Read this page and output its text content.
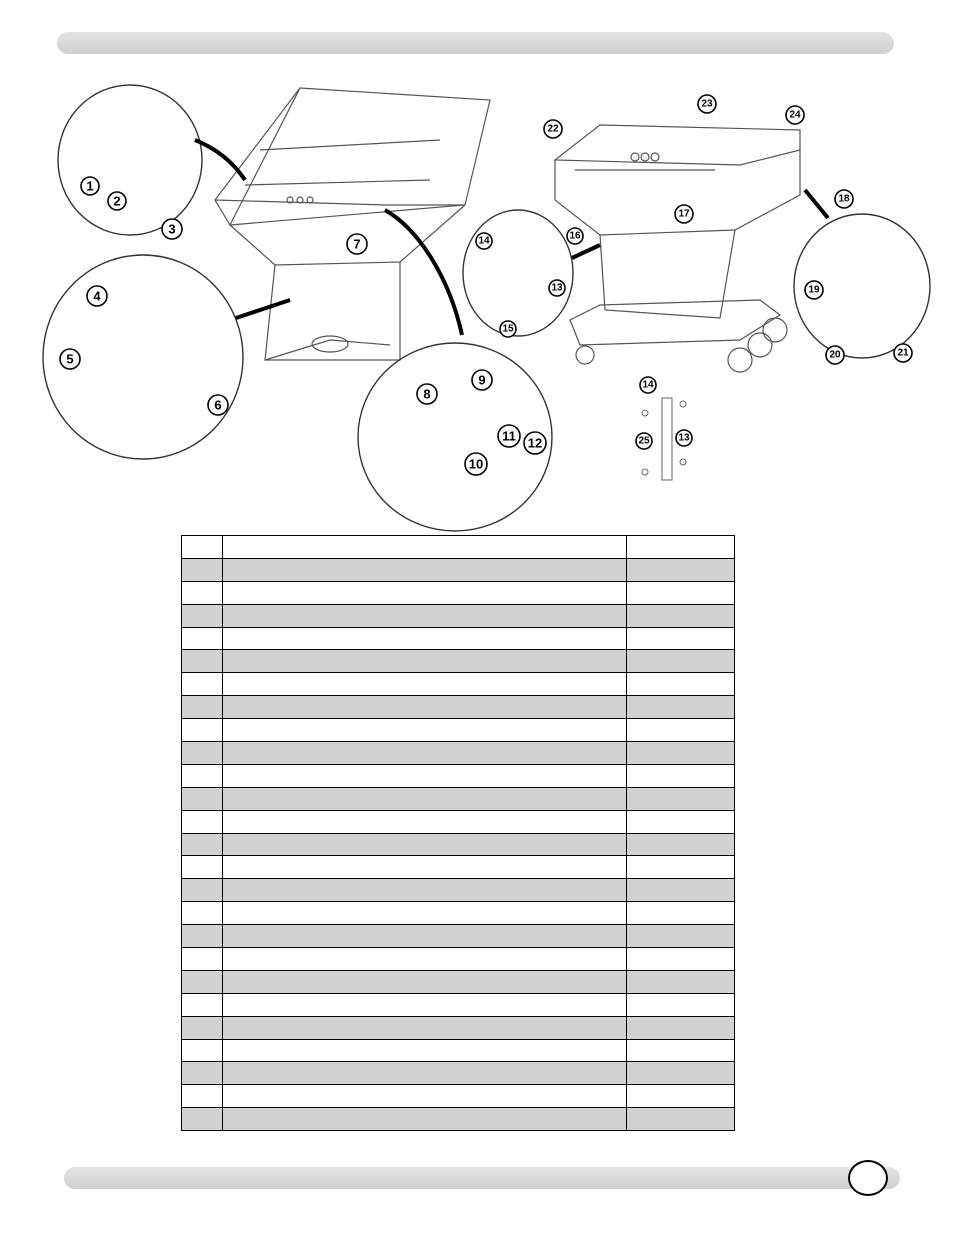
1
2
3
4
5
6
7
8
9
10
11 12
13
14
15
16
17
18
19
20	21
22
23
24
14
13
25
